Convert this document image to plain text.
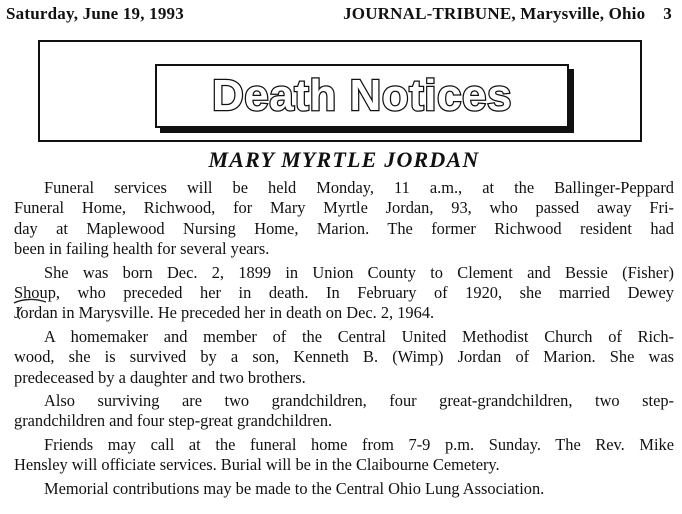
Saturday, June 19, 1993	JOURNAL-TRIBUNE, Marysville, Ohio 3
Death Notices
MARY MYRTLE JORDAN
Funeral services will be held Monday, 11 a.m., at the Ballinger-Peppard
Funeral Home, Richwood, for Mary Myrtle Jordan, 93, who passed away Fri-
day at Maplewood Nursing Home, Marion. The former Richwood resident had
been in failing health for several years.
She was born Dec. 2, 1899 in Union County to Clement and Bessie (Fisher)
Shoup, who preceded her in death. In February of 1920, she married Dewey
Jordan in Marysville. He preceded her in death on Dec. 2, 1964.
A homemaker and member of the Central United Methodist Church of Rich-
wood, she is survived by a son, Kenneth B. (Wimp) Jordan of Marion. She was
predeceased by a daughter and two brothers.
Also surviving are two grandchildren, four great-grandchildren, two step-
grandchildren and four step-great grandchildren.
Friends may call at the funeral home from 7-9 p.m. Sunday. The Rev. Mike
Hensley will officiate services. Burial will be in the Claibourne Cemetery.
Memorial contributions may be made to the Central Ohio Lung Association.
